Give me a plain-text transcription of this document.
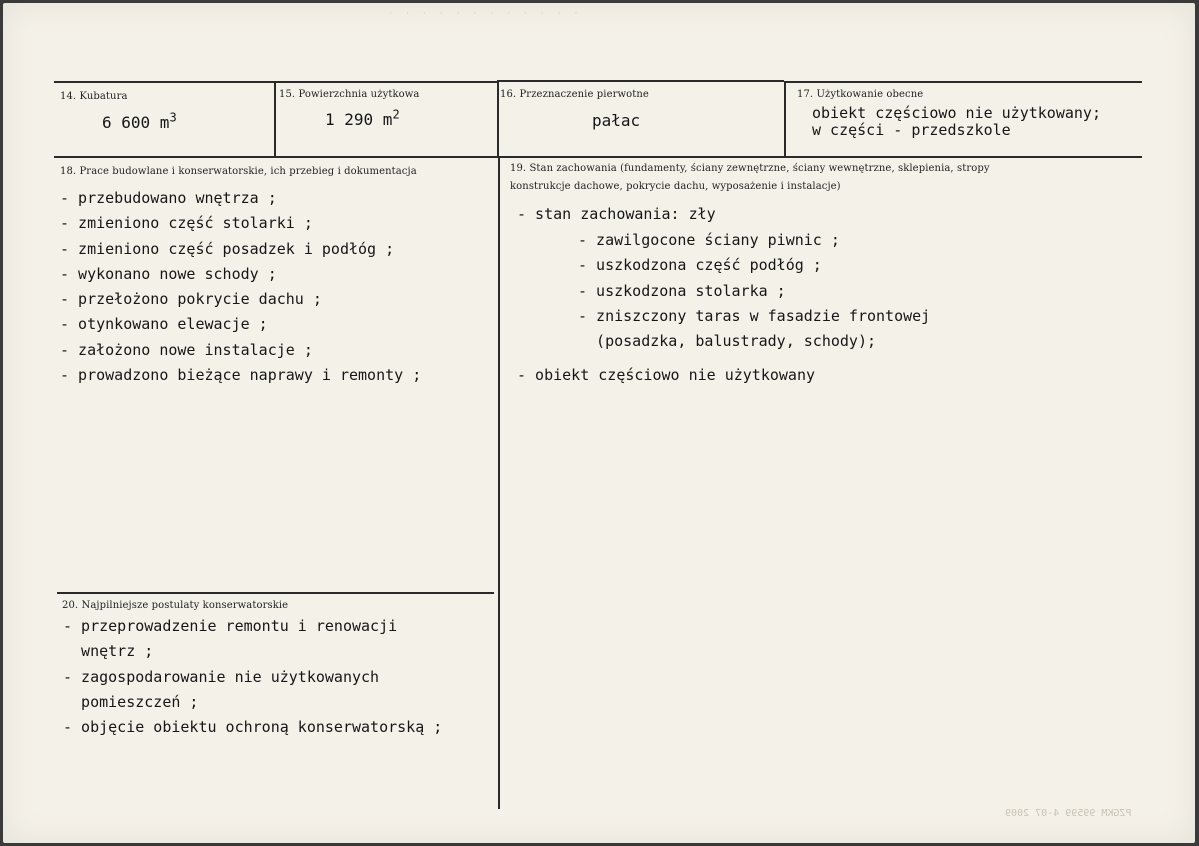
· · · · · · · · · · · ·
14. Kubatura
6 600 $m^3$
15. Powierzchnia użytkowa
1 290 $m^2$
16. Przeznaczenie pierwotne
pałac
17. Użytkowanie obecne
obiekt częściowo nie użytkowany;
w części - przedszkole
18. Prace budowlane i konserwatorskie, ich przebieg i dokumentacja
- przebudowano wnętrza ;
- zmieniono część stolarki ;
- zmieniono część posadzek i podłóg ;
- wykonano nowe schody ;
- przełożono pokrycie dachu ;
- otynkowano elewacje ;
- założono nowe instalacje ;
- prowadzono bieżące naprawy i remonty ;
19. Stan zachowania (fundamenty, ściany zewnętrzne, ściany wewnętrzne, sklepienia, stropy
konstrukcje dachowe, pokrycie dachu, wyposażenie i instalacje)
- stan zachowania: zły
- zawilgocone ściany piwnic ;
- uszkodzona część podłóg ;
- uszkodzona stolarka ;
- zniszczony taras w fasadzie frontowej
(posadzka, balustrady, schody);
- obiekt częściowo nie użytkowany
20. Najpilniejsze postulaty konserwatorskie
- przeprowadzenie remontu i renowacji
wnętrz ;
- zagospodarowanie nie użytkowanych
pomieszczeń ;
- objęcie obiektu ochroną konserwatorską ;
PZGKM 99599 4-07 2009
